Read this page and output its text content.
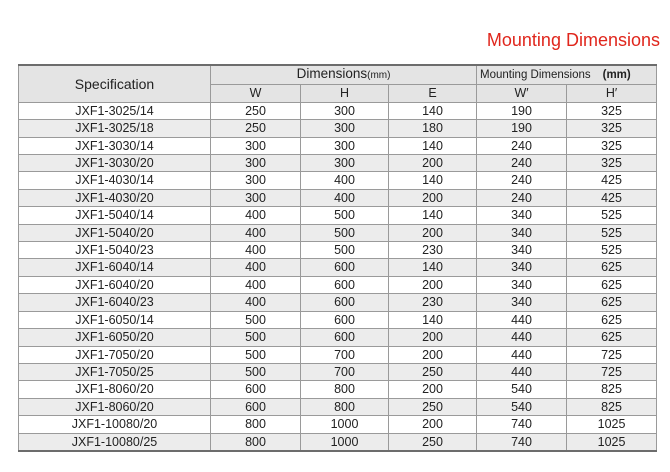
Mounting Dimensions
Specification	Dimensions(mm)			Mounting Dimensions (mm)	
	W	H	E	W′	H′
JXF1-3025/14	250	300	140	190	325
JXF1-3025/18	250	300	180	190	325
JXF1-3030/14	300	300	140	240	325
JXF1-3030/20	300	300	200	240	325
JXF1-4030/14	300	400	140	240	425
JXF1-4030/20	300	400	200	240	425
JXF1-5040/14	400	500	140	340	525
JXF1-5040/20	400	500	200	340	525
JXF1-5040/23	400	500	230	340	525
JXF1-6040/14	400	600	140	340	625
JXF1-6040/20	400	600	200	340	625
JXF1-6040/23	400	600	230	340	625
JXF1-6050/14	500	600	140	440	625
JXF1-6050/20	500	600	200	440	625
JXF1-7050/20	500	700	200	440	725
JXF1-7050/25	500	700	250	440	725
JXF1-8060/20	600	800	200	540	825
JXF1-8060/20	600	800	250	540	825
JXF1-10080/20	800	1000	200	740	1025
JXF1-10080/25	800	1000	250	740	1025
